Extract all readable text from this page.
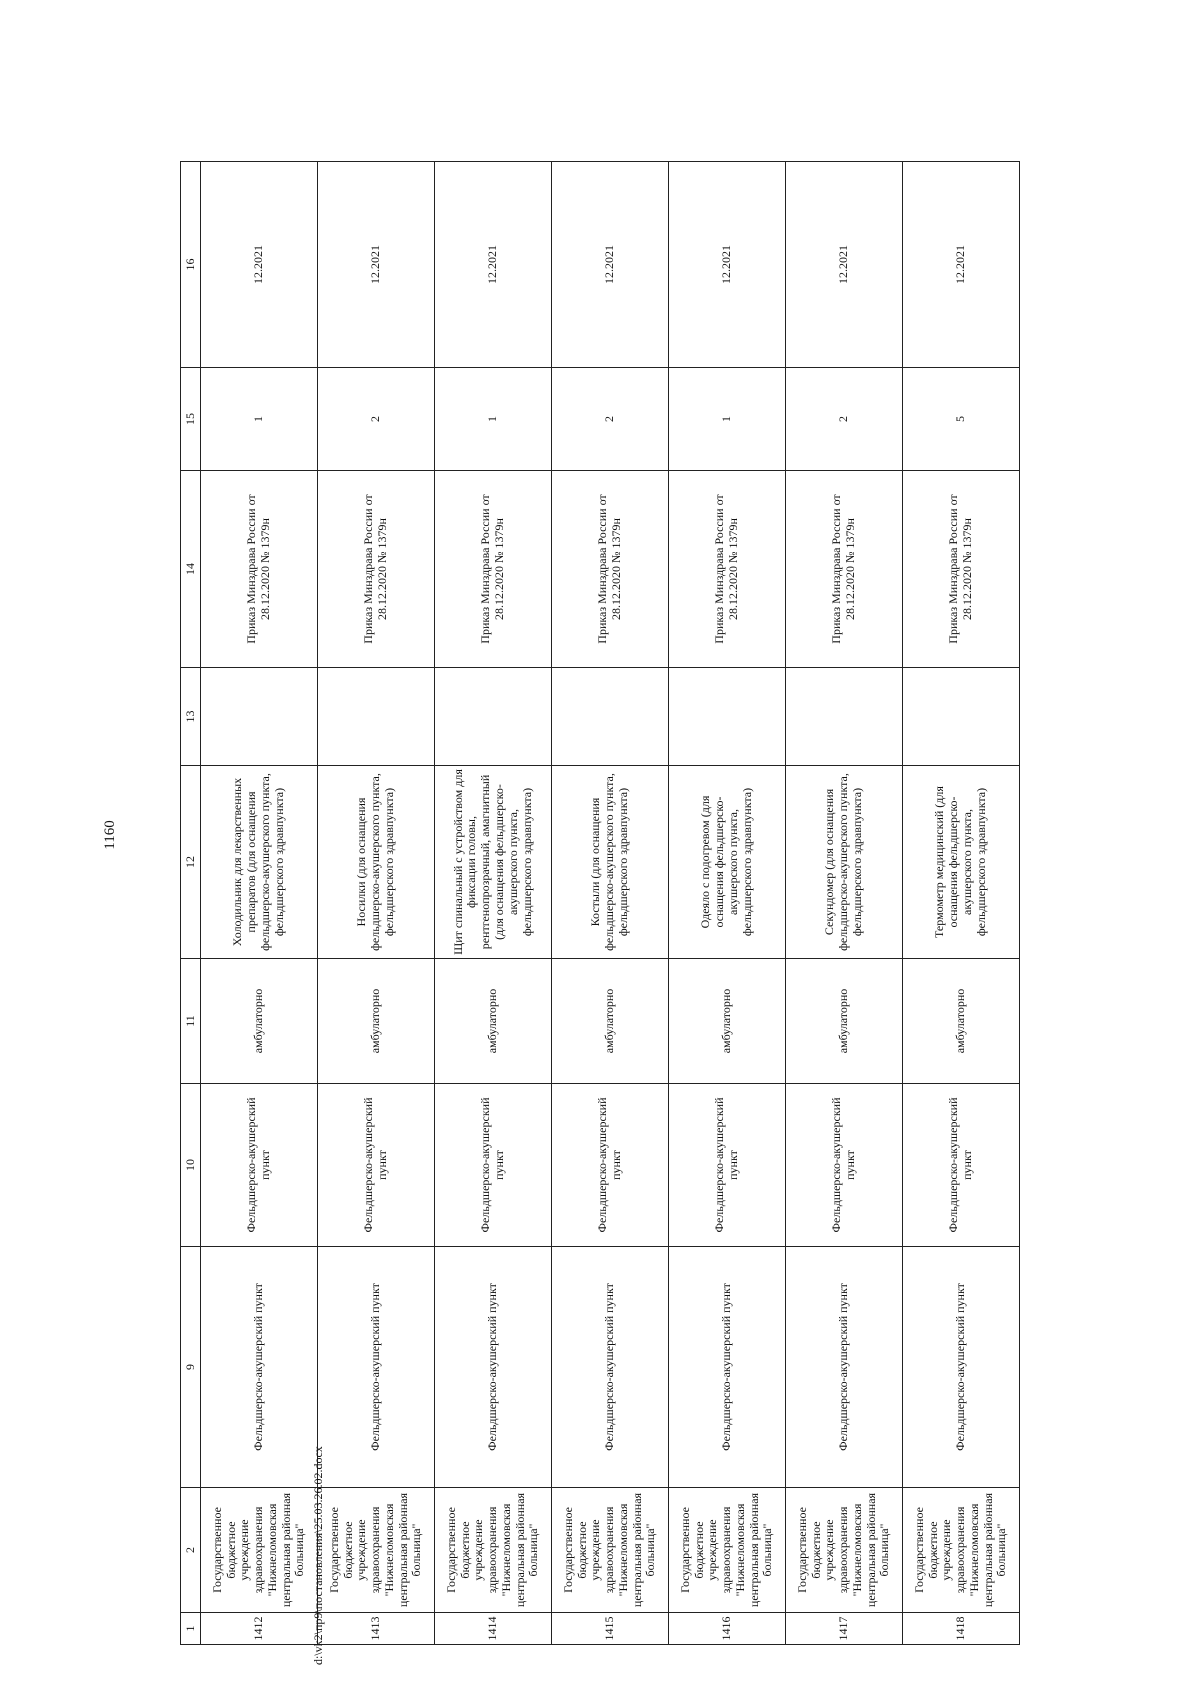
1160
1	2	9	10	11	12	13	14	15	16
1412	Государственное бюджетное учреждение здравоохранения "Нижнеломовская центральная районная больница"	Фельдшерско-акушерский пункт	Фельдшерско-акушерский пункт	амбулаторно	Холодильник для лекарственных препаратов (для оснащения фельдшерско-акушерского пункта, фельдшерского здравпункта)		Приказ Минздрава России от 28.12.2020 № 1379н	1	12.2021
1413	Государственное бюджетное учреждение здравоохранения "Нижнеломовская центральная районная больница"	Фельдшерско-акушерский пункт	Фельдшерско-акушерский пункт	амбулаторно	Носилки (для оснащения фельдшерско-акушерского пункта, фельдшерского здравпункта)		Приказ Минздрава России от 28.12.2020 № 1379н	2	12.2021
1414	Государственное бюджетное учреждение здравоохранения "Нижнеломовская центральная районная больница"	Фельдшерско-акушерский пункт	Фельдшерско-акушерский пункт	амбулаторно	Щит спинальный с устройством для фиксации головы, рентгенопрозрачный, амагнитный (для оснащения фельдшерско-акушерского пункта, фельдшерского здравпункта)		Приказ Минздрава России от 28.12.2020 № 1379н	1	12.2021
1415	Государственное бюджетное учреждение здравоохранения "Нижнеломовская центральная районная больница"	Фельдшерско-акушерский пункт	Фельдшерско-акушерский пункт	амбулаторно	Костыли (для оснащения фельдшерско-акушерского пункта, фельдшерского здравпункта)		Приказ Минздрава России от 28.12.2020 № 1379н	2	12.2021
1416	Государственное бюджетное учреждение здравоохранения "Нижнеломовская центральная районная больница"	Фельдшерско-акушерский пункт	Фельдшерско-акушерский пункт	амбулаторно	Одеяло с подогревом (для оснащения фельдшерско-акушерского пункта, фельдшерского здравпункта)		Приказ Минздрава России от 28.12.2020 № 1379н	1	12.2021
1417	Государственное бюджетное учреждение здравоохранения "Нижнеломовская центральная районная больница"	Фельдшерско-акушерский пункт	Фельдшерско-акушерский пункт	амбулаторно	Секундомер (для оснащения фельдшерско-акушерского пункта, фельдшерского здравпункта)		Приказ Минздрава России от 28.12.2020 № 1379н	2	12.2021
1418	Государственное бюджетное учреждение здравоохранения "Нижнеломовская центральная районная больница"	Фельдшерско-акушерский пункт	Фельдшерско-акушерский пункт	амбулаторно	Термометр медицинский (для оснащения фельдшерско-акушерского пункта, фельдшерского здравпункта)		Приказ Минздрава России от 28.12.2020 № 1379н	5	12.2021
d:\vk2\пр9\постановления\25.03.26.02.docx
